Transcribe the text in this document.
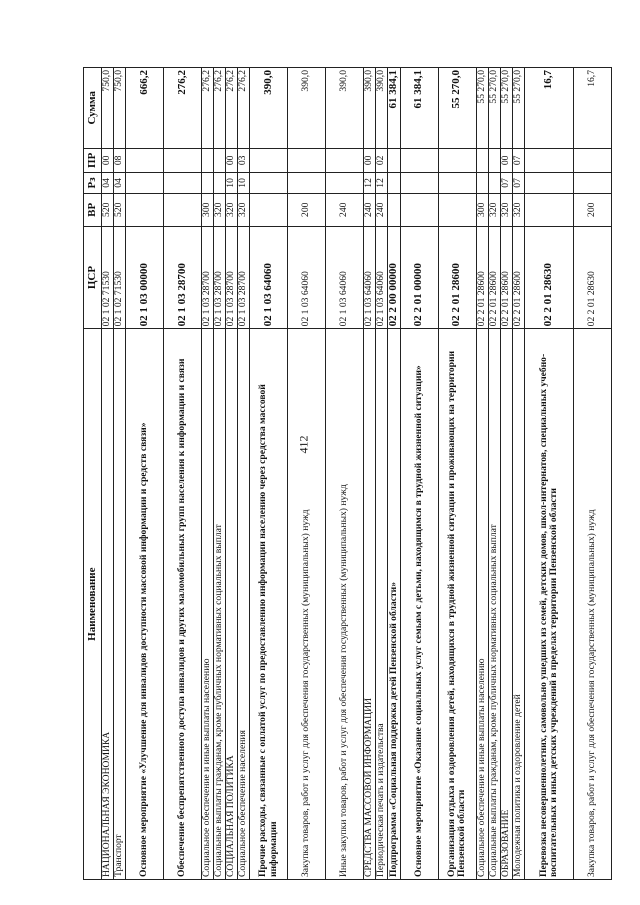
412
Наименование	ЦСР	ВР	Рз	ПР	Сумма
НАЦИОНАЛЬНАЯ ЭКОНОМИКА	02 1 02 71530	520	04	00	750,0
Транспорт	02 1 02 71530	520	04	08	750,0
Основное мероприятие «Улучшение для инвалидов доступности массовой информации и средств связи»	02 1 03 00000				666,2
Обеспечение беспрепятственного доступа инвалидов и других маломобильных групп населения к информации и связи	02 1 03 28700				276,2
Социальное обеспечение и иные выплаты населению	02 1 03 28700	300			276,2
Социальные выплаты гражданам, кроме публичных нормативных социальных выплат	02 1 03 28700	320			276,2
СОЦИАЛЬНАЯ ПОЛИТИКА	02 1 03 28700	320	10	00	276,2
Социальное обеспечение населения	02 1 03 28700	320	10	03	276,2
Прочие расходы, связанные с оплатой услуг по предоставлению информации населению через средства массовой информации	02 1 03 64060				390,0
Закупка товаров, работ и услуг для обеспечения государственных (муниципальных) нужд	02 1 03 64060	200			390,0
Иные закупки товаров, работ и услуг для обеспечения государственных (муниципальных) нужд	02 1 03 64060	240			390,0
СРЕДСТВА МАССОВОЙ ИНФОРМАЦИИ	02 1 03 64060	240	12	00	390,0
Периодическая печать и издательства	02 1 03 64060	240	12	02	390,0
Подпрограмма «Социальная поддержка детей Пензенской области»	02 2 00 00000				61 384,1
Основное мероприятие «Оказание социальных услуг семьям с детьми, находящимся в трудной жизненной ситуации»	02 2 01 00000				61 384,1
Организация отдыха и оздоровления детей, находящихся в трудной жизненной ситуации и проживающих на территории Пензенской области	02 2 01 28600				55 270,0
Социальное обеспечение и иные выплаты населению	02 2 01 28600	300			55 270,0
Социальные выплаты гражданам, кроме публичных нормативных социальных выплат	02 2 01 28600	320			55 270,0
ОБРАЗОВАНИЕ	02 2 01 28600	320	07	00	55 270,0
Молодежная политика и оздоровление детей	02 2 01 28600	320	07	07	55 270,0
Перевозка несовершеннолетних, самовольно ушедших из семей, детских домов, школ-интернатов, специальных учебно-воспитательных и иных детских учреждений в пределах территории Пензенской области	02 2 01 28630				16,7
Закупка товаров, работ и услуг для обеспечения государственных (муниципальных) нужд	02 2 01 28630	200			16,7
